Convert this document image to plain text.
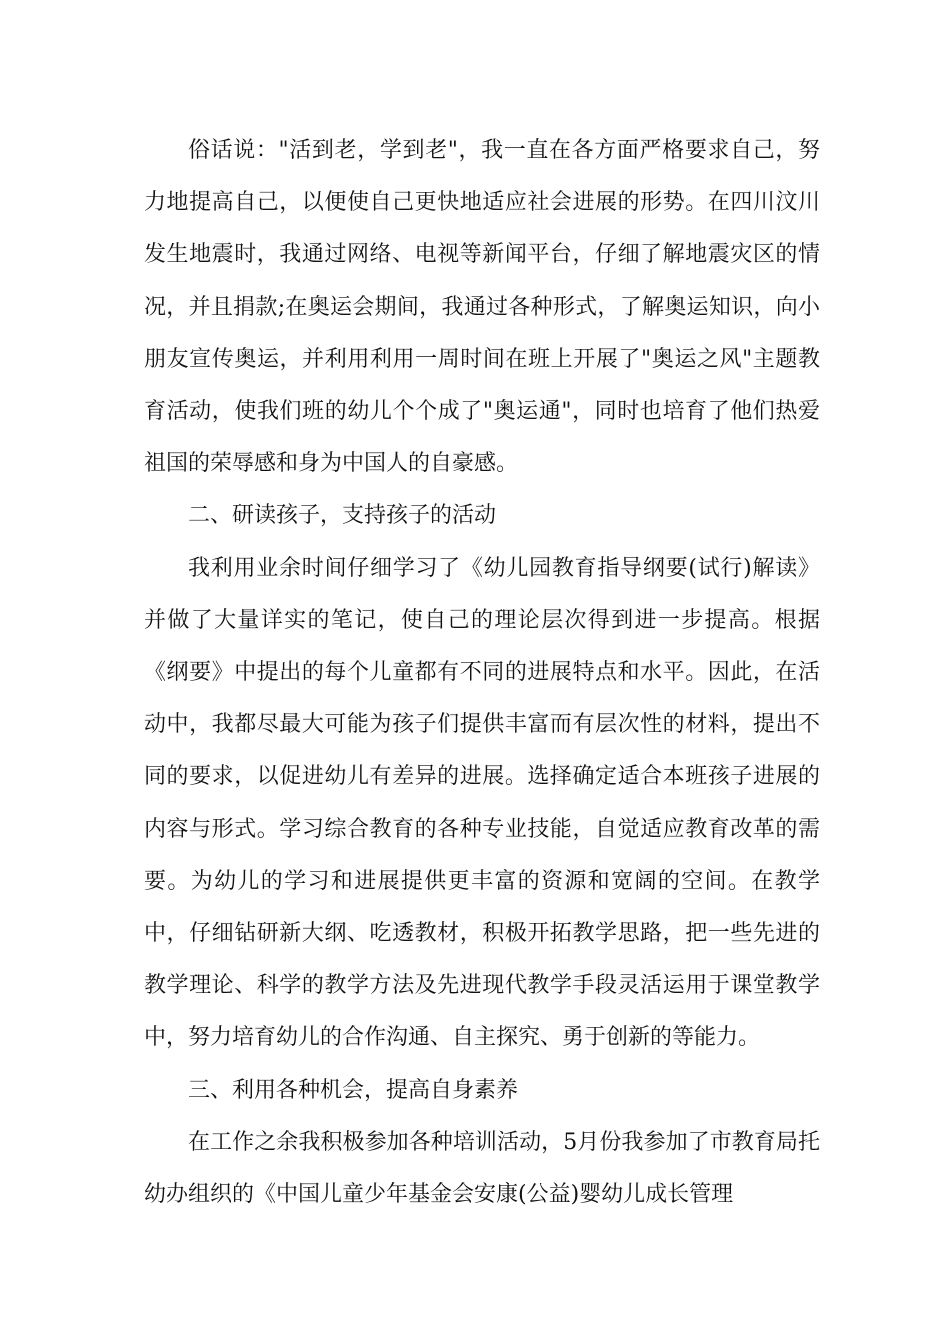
俗话说："活到老，学到老"，我一直在各方面严格要求自己，努力地提高自己，以便使自己更快地适应社会进展的形势。在四川汶川发生地震时，我通过网络、电视等新闻平台，仔细了解地震灾区的情况，并且捐款;在奥运会期间，我通过各种形式，了解奥运知识，向小朋友宣传奥运，并利用利用一周时间在班上开展了"奥运之风"主题教育活动，使我们班的幼儿个个成了"奥运通"，同时也培育了他们热爱祖国的荣辱感和身为中国人的自豪感。

二、研读孩子，支持孩子的活动

我利用业余时间仔细学习了《幼儿园教育指导纲要(试行)解读》并做了大量详实的笔记，使自己的理论层次得到进一步提高。根据《纲要》中提出的每个儿童都有不同的进展特点和水平。因此，在活动中，我都尽最大可能为孩子们提供丰富而有层次性的材料，提出不同的要求，以促进幼儿有差异的进展。选择确定适合本班孩子进展的内容与形式。学习综合教育的各种专业技能，自觉适应教育改革的需要。为幼儿的学习和进展提供更丰富的资源和宽阔的空间。在教学中，仔细钻研新大纲、吃透教材，积极开拓教学思路，把一些先进的教学理论、科学的教学方法及先进现代教学手段灵活运用于课堂教学中，努力培育幼儿的合作沟通、自主探究、勇于创新的等能力。

三、利用各种机会，提高自身素养

在工作之余我积极参加各种培训活动，5月份我参加了市教育局托幼办组织的《中国儿童少年基金会安康(公益)婴幼儿成长管理
